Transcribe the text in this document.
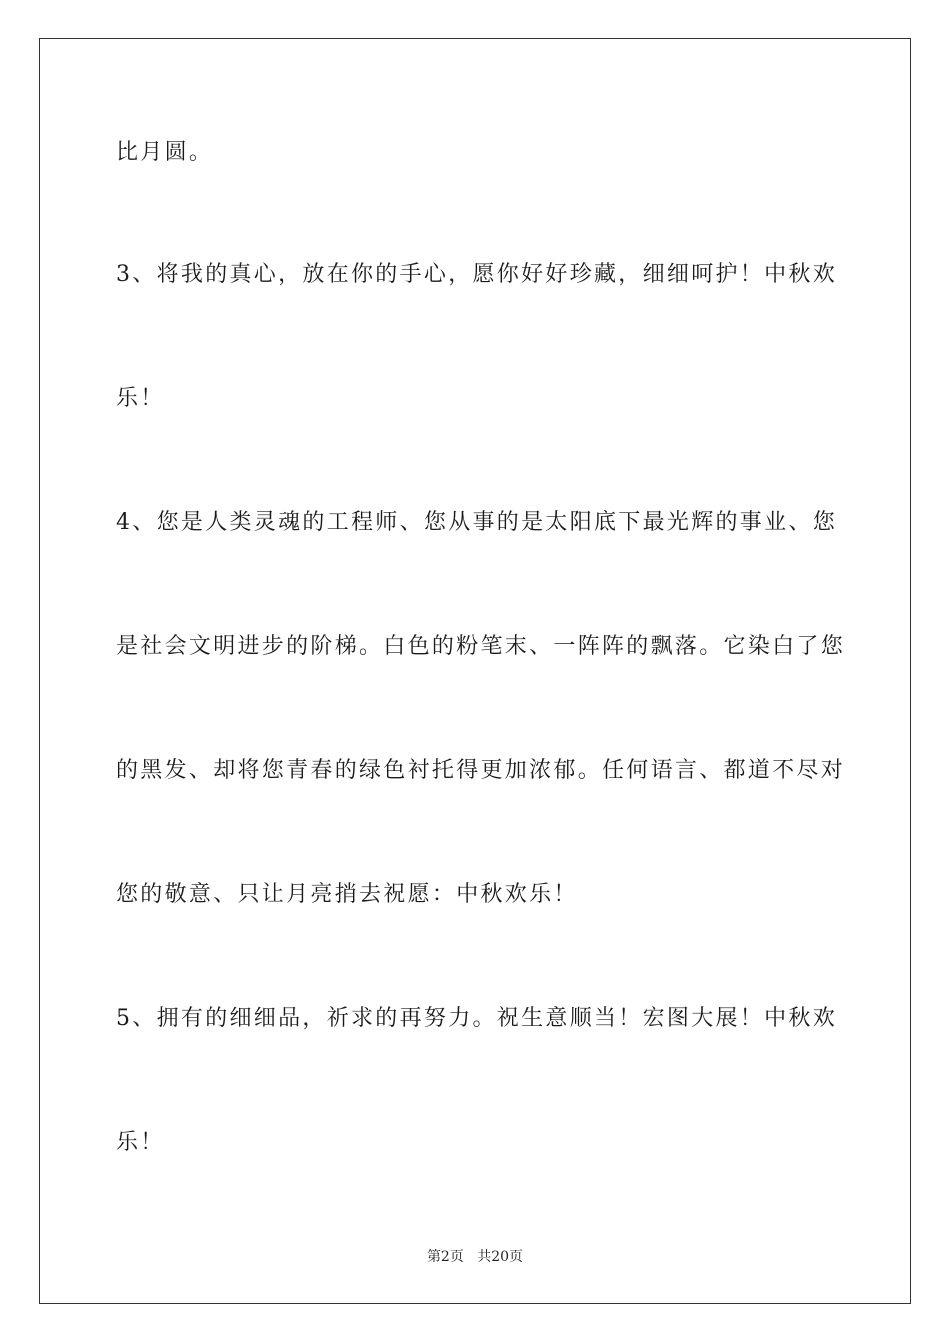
比月圆。
3、将我的真心，放在你的手心，愿你好好珍藏，细细呵护！中秋欢
乐！
4、您是人类灵魂的工程师、您从事的是太阳底下最光辉的事业、您
是社会文明进步的阶梯。白色的粉笔末、一阵阵的飘落。它染白了您
的黑发、却将您青春的绿色衬托得更加浓郁。任何语言、都道不尽对
您的敬意、只让月亮捎去祝愿：中秋欢乐！
5、拥有的细细品，祈求的再努力。祝生意顺当！宏图大展！中秋欢
乐！
第2页 共20页
